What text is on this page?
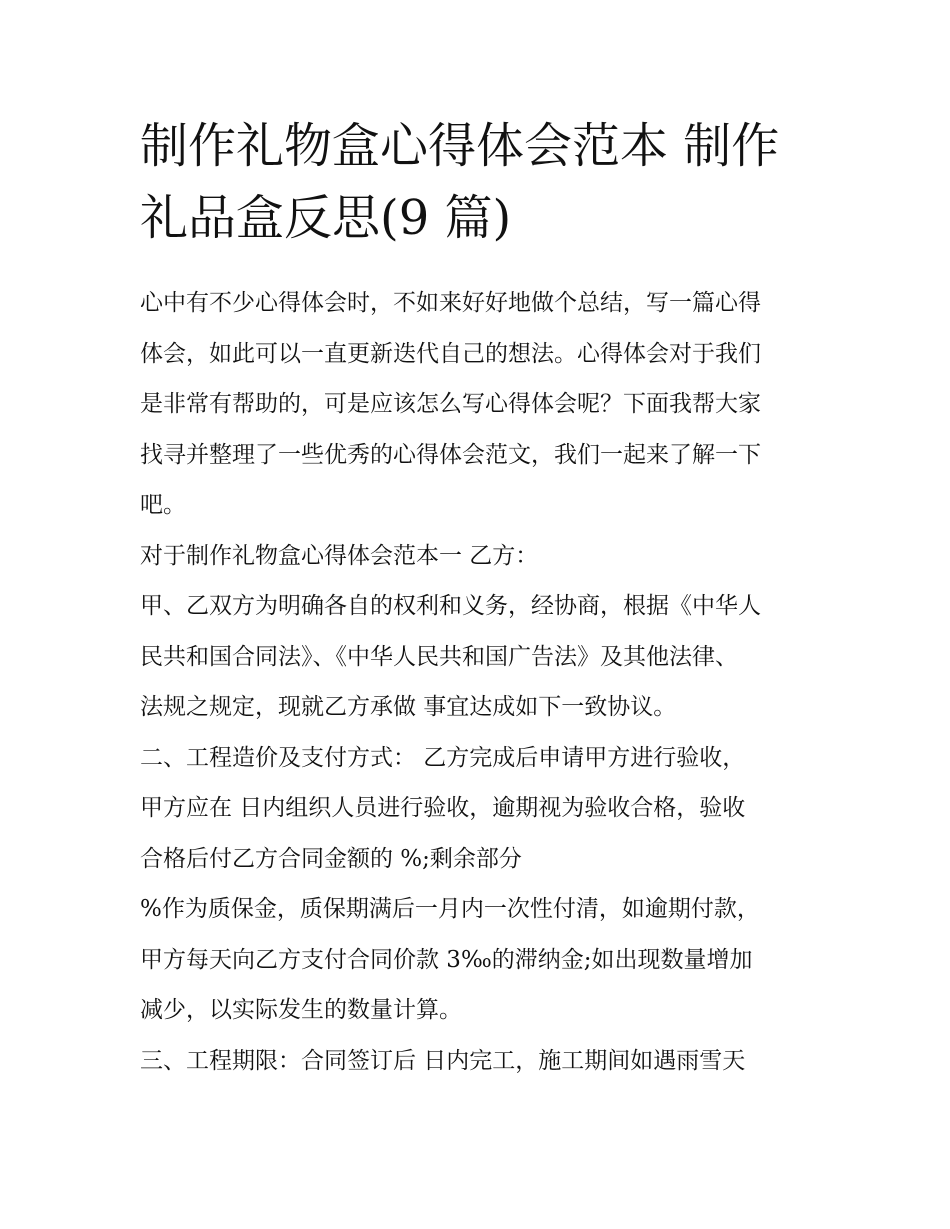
制作礼物盒心得体会范本 制作
礼品盒反思(9 篇)

心中有不少心得体会时，不如来好好地做个总结，写一篇心得

体会，如此可以一直更新迭代自己的想法。心得体会对于我们

是非常有帮助的，可是应该怎么写心得体会呢？下面我帮大家

找寻并整理了一些优秀的心得体会范文，我们一起来了解一下

吧。

对于制作礼物盒心得体会范本一 乙方：

甲、乙双方为明确各自的权利和义务，经协商，根据《中华人

民共和国合同法》、《中华人民共和国广告法》及其他法律、

法规之规定，现就乙方承做 事宜达成如下一致协议。

二、工程造价及支付方式： 乙方完成后申请甲方进行验收，

甲方应在 日内组织人员进行验收，逾期视为验收合格，验收

合格后付乙方合同金额的 %;剩余部分

%作为质保金，质保期满后一月内一次性付清，如逾期付款，

甲方每天向乙方支付合同价款 3‰的滞纳金;如出现数量增加

减少，以实际发生的数量计算。

三、工程期限：合同签订后 日内完工，施工期间如遇雨雪天
